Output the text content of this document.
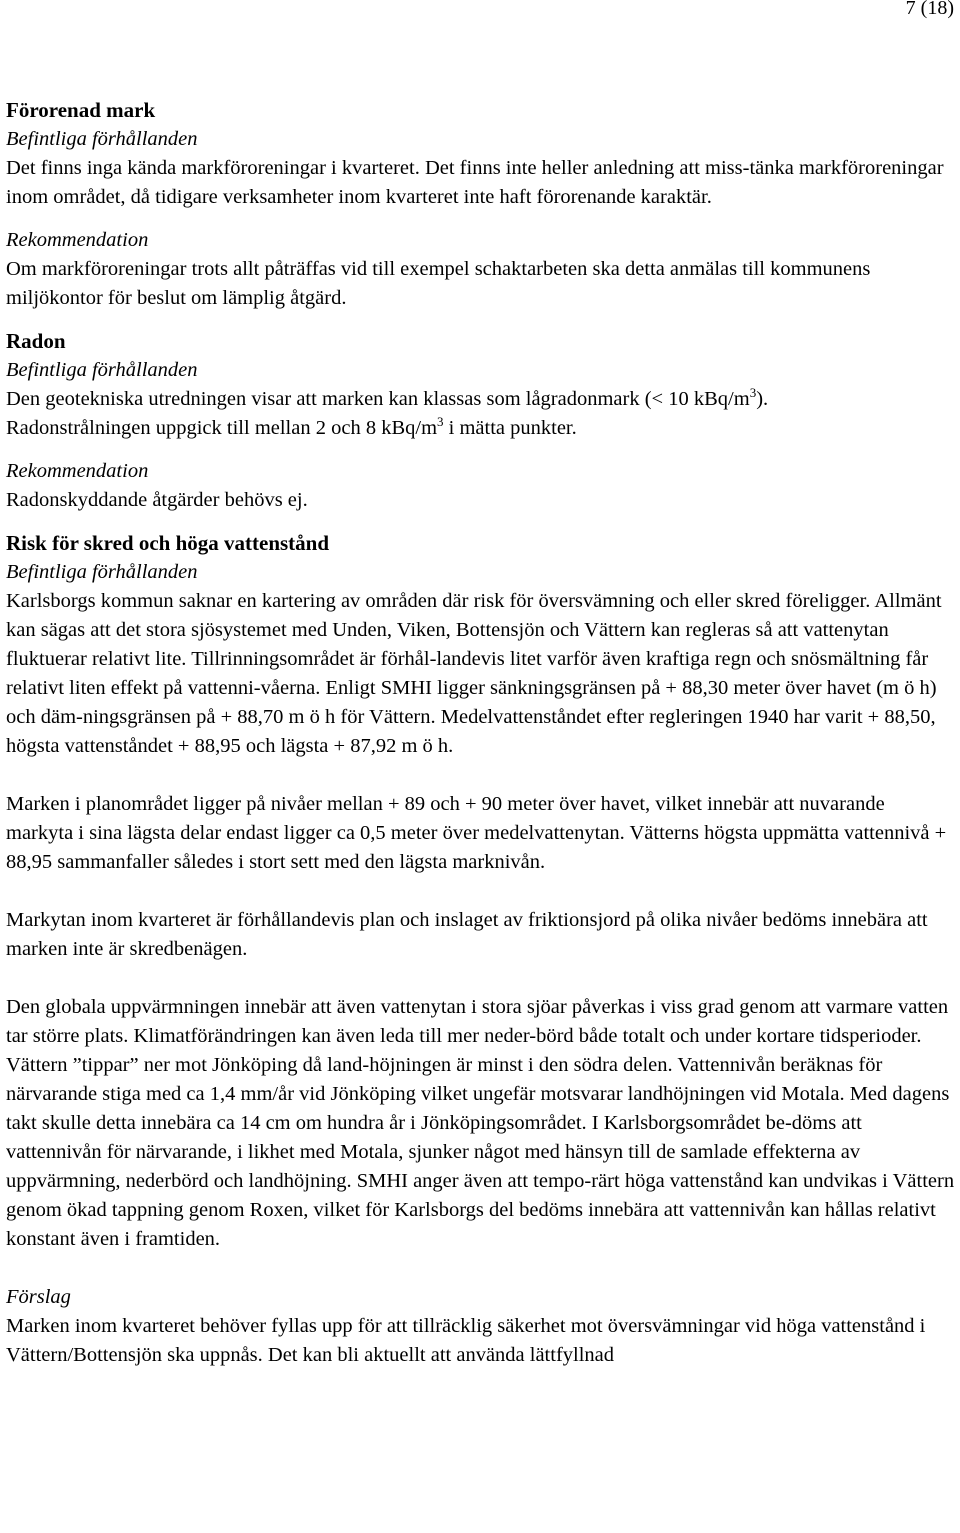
7 (18)
Förorenad mark
Befintliga förhållanden

Det finns inga kända markföroreningar i kvarteret. Det finns inte heller anledning att miss-tänka markföroreningar inom området, då tidigare verksamheter inom kvarteret inte haft förorenande karaktär.

Rekommendation

Om markföroreningar trots allt påträffas vid till exempel schaktarbeten ska detta anmälas till kommunens miljökontor för beslut om lämplig åtgärd.

Radon
Befintliga förhållanden

Den geotekniska utredningen visar att marken kan klassas som lågradonmark (< 10 kBq/$m^3$).
Radonstrålningen uppgick till mellan 2 och 8 kBq/$m^3$ i mätta punkter.

Rekommendation

Radonskyddande åtgärder behövs ej.

Risk för skred och höga vattenstånd
Befintliga förhållanden

Karlsborgs kommun saknar en kartering av områden där risk för översvämning och eller skred föreligger. Allmänt kan sägas att det stora sjösystemet med Unden, Viken, Bottensjön och Vättern kan regleras så att vattenytan fluktuerar relativt lite. Tillrinningsområdet är förhål-landevis litet varför även kraftiga regn och snösmältning får relativt liten effekt på vattenni-våerna. Enligt SMHI ligger sänkningsgränsen på + 88,30 meter över havet (m ö h) och däm-ningsgränsen på + 88,70 m ö h för Vättern. Medelvattenståndet efter regleringen 1940 har varit + 88,50, högsta vattenståndet + 88,95 och lägsta + 87,92 m ö h.

Marken i planområdet ligger på nivåer mellan + 89 och + 90 meter över havet, vilket innebär att nuvarande markyta i sina lägsta delar endast ligger ca 0,5 meter över medelvattenytan. Vätterns högsta uppmätta vattennivå + 88,95 sammanfaller således i stort sett med den lägsta marknivån.

Markytan inom kvarteret är förhållandevis plan och inslaget av friktionsjord på olika nivåer bedöms innebära att marken inte är skredbenägen.

Den globala uppvärmningen innebär att även vattenytan i stora sjöar påverkas i viss grad genom att varmare vatten tar större plats. Klimatförändringen kan även leda till mer neder-börd både totalt och under kortare tidsperioder. Vättern ”tippar” ner mot Jönköping då land-höjningen är minst i den södra delen. Vattennivån beräknas för närvarande stiga med ca 1,4 mm/år vid Jönköping vilket ungefär motsvarar landhöjningen vid Motala. Med dagens takt skulle detta innebära ca 14 cm om hundra år i Jönköpingsområdet. I Karlsborgsområdet be-döms att vattennivån för närvarande, i likhet med Motala, sjunker något med hänsyn till de samlade effekterna av uppvärmning, nederbörd och landhöjning. SMHI anger även att tempo-rärt höga vattenstånd kan undvikas i Vättern genom ökad tappning genom Roxen, vilket för Karlsborgs del bedöms innebära att vattennivån kan hållas relativt konstant även i framtiden.

Förslag

Marken inom kvarteret behöver fyllas upp för att tillräcklig säkerhet mot översvämningar vid höga vattenstånd i Vättern/Bottensjön ska uppnås. Det kan bli aktuellt att använda lättfyllnad
